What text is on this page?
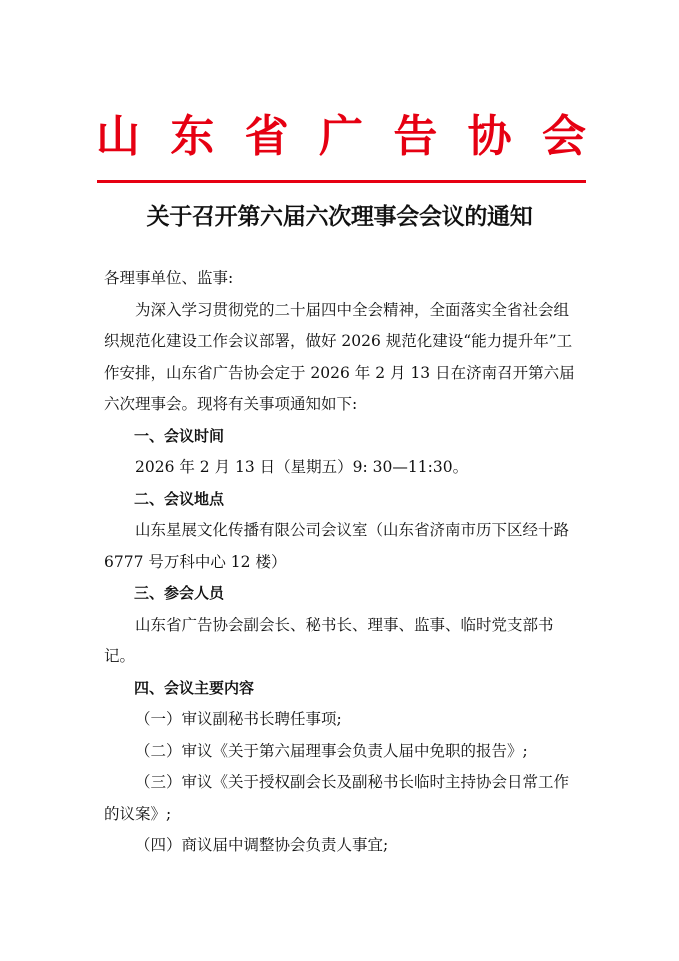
山 东 省 广 告 协 会
关于召开第六届六次理事会会议的通知

各理事单位、监事:

为深入学习贯彻党的二十届四中全会精神，全面落实全省社会组织规范化建设工作会议部署，做好 2026 规范化建设“能力提升年”工作安排，山东省广告协会定于 2026 年 2 月 13 日在济南召开第六届六次理事会。现将有关事项通知如下:

一、会议时间

2026 年 2 月 13 日（星期五）9: 30—11:30。

二、会议地点

山东星展文化传播有限公司会议室（山东省济南市历下区经十路 6777 号万科中心 12 楼）

三、参会人员

山东省广告协会副会长、秘书长、理事、监事、临时党支部书记。

四、会议主要内容

（一）审议副秘书长聘任事项;

（二）审议《关于第六届理事会负责人届中免职的报告》;

（三）审议《关于授权副会长及副秘书长临时主持协会日常工作的议案》;

（四）商议届中调整协会负责人事宜;
